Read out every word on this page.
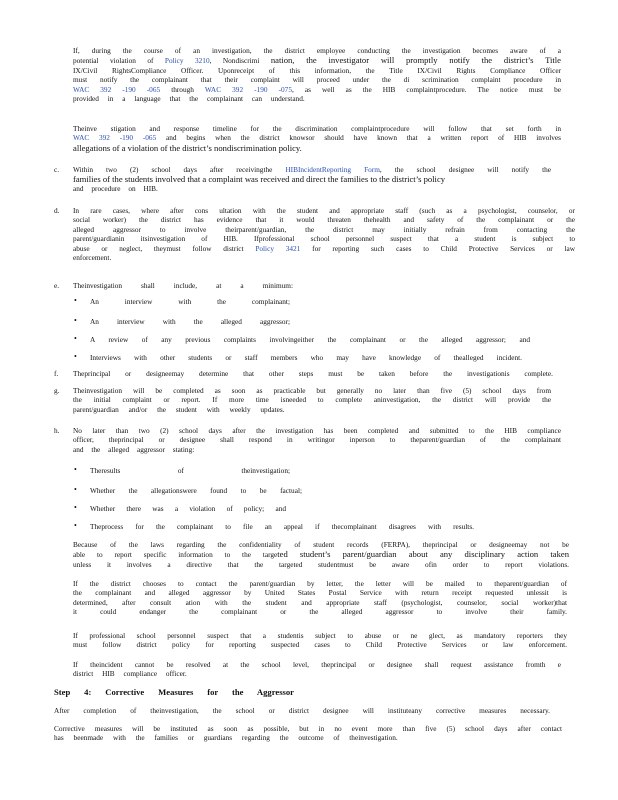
If, during the course of an investigation, the district employee conducting the investigation becomes aware of a

potential violation of Policy 3210, Nondiscrimi nation, the investigator will promptly notify the district’s Title

IX/Civil RightsCompliance Officer. Uponreceipt of this information, the Title IX/Civil Rights Compliance Officer

must notify the complainant that their complaint will proceed under the di scrimination complaint procedure in

WAC 392 -190 -065 through WAC 392 -190 -075, as well as the HIB complaintprocedure. The notice must be

provided in a language that the complainant can understand.

Theinve stigation and response timeline for the discrimination complaintprocedure will follow that set forth in

WAC 392 -190 -065 and begins when the district knowsor should have known that a written report of HIB involves

allegations of a violation of the district’s nondiscrimination policy.

c. Within two (2) school days after receivingthe HIBIncidentReporting Form, the school designee will notify the

families of the students involved that a complaint was received and direct the families to the district’s policy

and procedure on HIB.

d. In rare cases, where after cons ultation with the student and appropriate staff (such as a psychologist, counselor, or

social worker) the district has evidence that it would threaten thehealth and safety of the complainant or the

alleged aggressor to involve theirparent/guardian, the district may initially refrain from contacting the

parent/guardianin itsinvestigation of HIB. Ifprofessional school personnel suspect that a student is subject to

abuse or neglect, theymust follow district Policy 3421 for reporting such cases to Child Protective Services or law

enforcement.

e. Theinvestigation shall include, at a minimum:

• An interview with the complainant;

• An interview with the alleged aggressor;

• A review of any previous complaints involvingeither the complainant or the alleged aggressor; and

• Interviews with other students or staff members who may have knowledge of thealleged incident.

f. Theprincipal or designeemay determine that other steps must be taken before the investigationis complete.

g. Theinvestigation will be completed as soon as practicable but generally no later than five (5) school days from

the initial complaint or report. If more time isneeded to complete aninvestigation, the district will provide the

parent/guardian and/or the student with weekly updates.

h. No later than two (2) school days after the investigation has been completed and submitted to the HIB compliance

officer, theprincipal or designee shall respond in writingor inperson to theparent/guardian of the complainant

and the alleged aggressor stating:

• Theresults of theinvestigation;

• Whether the allegationswere found to be factual;

• Whether there was a violation of policy; and

• Theprocess for the complainant to file an appeal if thecomplainant disagrees with results.

Because of the laws regarding the confidentiality of student records (FERPA), theprincipal or designeemay not be

able to report specific information to the targeted student’s parent/guardian about any disciplinary action taken

unless it involves a directive that the targeted studentmust be aware ofin order to report violations.

If the district chooses to contact the parent/guardian by letter, the letter will be mailed to theparent/guardian of

the complainant and alleged aggressor by United States Postal Service with return receipt requested unlessit is

determined, after consult ation with the student and appropriate staff (psychologist, counselor, social worker)that

it could endanger the complainant or the alleged aggressor to involve their family.

If professional school personnel suspect that a studentis subject to abuse or ne glect, as mandatory reporters they

must follow district policy for reporting suspected cases to Child Protective Services or law enforcement.

If theincident cannot be resolved at the school level, theprincipal or designee shall request assistance fromth e

district HIB compliance officer.

Step 4: Corrective Measures for the Aggressor

After completion of theinvestigation, the school or district designee will instituteany corrective measures necessary.

Corrective measures will be instituted as soon as possible, but in no event more than five (5) school days after contact

has beenmade with the families or guardians regarding the outcome of theinvestigation.
